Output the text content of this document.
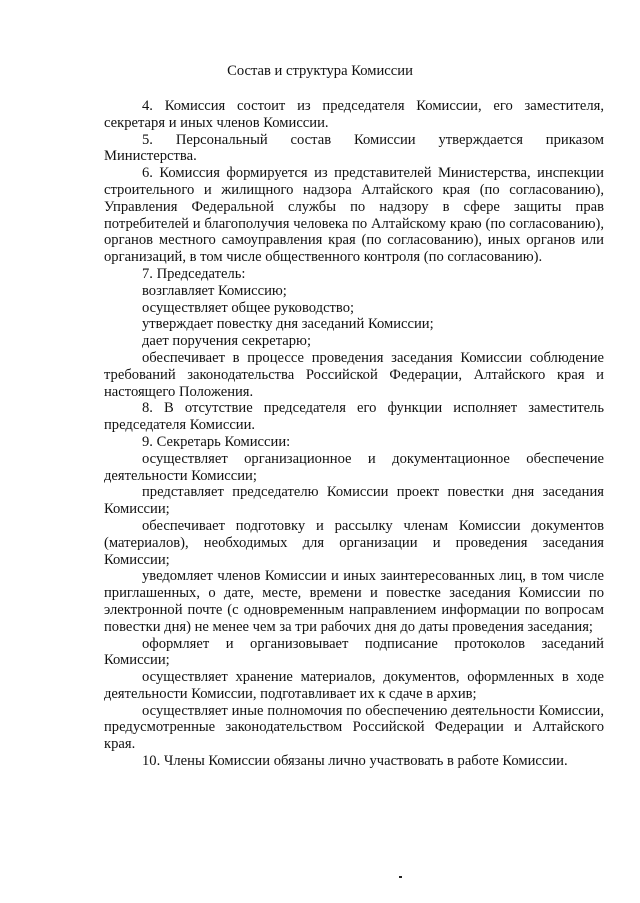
Состав и структура Комиссии

4. Комиссия состоит из председателя Комиссии, его заместителя, секретаря и иных членов Комиссии.

5. Персональный состав Комиссии утверждается приказом Министерства.

6. Комиссия формируется из представителей Министерства, инспекции строительного и жилищного надзора Алтайского края (по согласованию), Управления Федеральной службы по надзору в сфере защиты прав потребителей и благополучия человека по Алтайскому краю (по согласованию), органов местного самоуправления края (по согласованию), иных органов или организаций, в том числе общественного контроля (по согласованию).

7. Председатель:

возглавляет Комиссию;

осуществляет общее руководство;

утверждает повестку дня заседаний Комиссии;

дает поручения секретарю;

обеспечивает в процессе проведения заседания Комиссии соблюдение требований законодательства Российской Федерации, Алтайского края и настоящего Положения.

8. В отсутствие председателя его функции исполняет заместитель председателя Комиссии.

9. Секретарь Комиссии:

осуществляет организационное и документационное обеспечение деятельности Комиссии;

представляет председателю Комиссии проект повестки дня заседания Комиссии;

обеспечивает подготовку и рассылку членам Комиссии документов (материалов), необходимых для организации и проведения заседания Комиссии;

уведомляет членов Комиссии и иных заинтересованных лиц, в том числе приглашенных, о дате, месте, времени и повестке заседания Комиссии по электронной почте (с одновременным направлением информации по вопросам повестки дня) не менее чем за три рабочих дня до даты проведения заседания;

оформляет и организовывает подписание протоколов заседаний Комиссии;

осуществляет хранение материалов, документов, оформленных в ходе деятельности Комиссии, подготавливает их к сдаче в архив;

осуществляет иные полномочия по обеспечению деятельности Комиссии, предусмотренные законодательством Российской Федерации и Алтайского края.

10. Члены Комиссии обязаны лично участвовать в работе Комиссии.
